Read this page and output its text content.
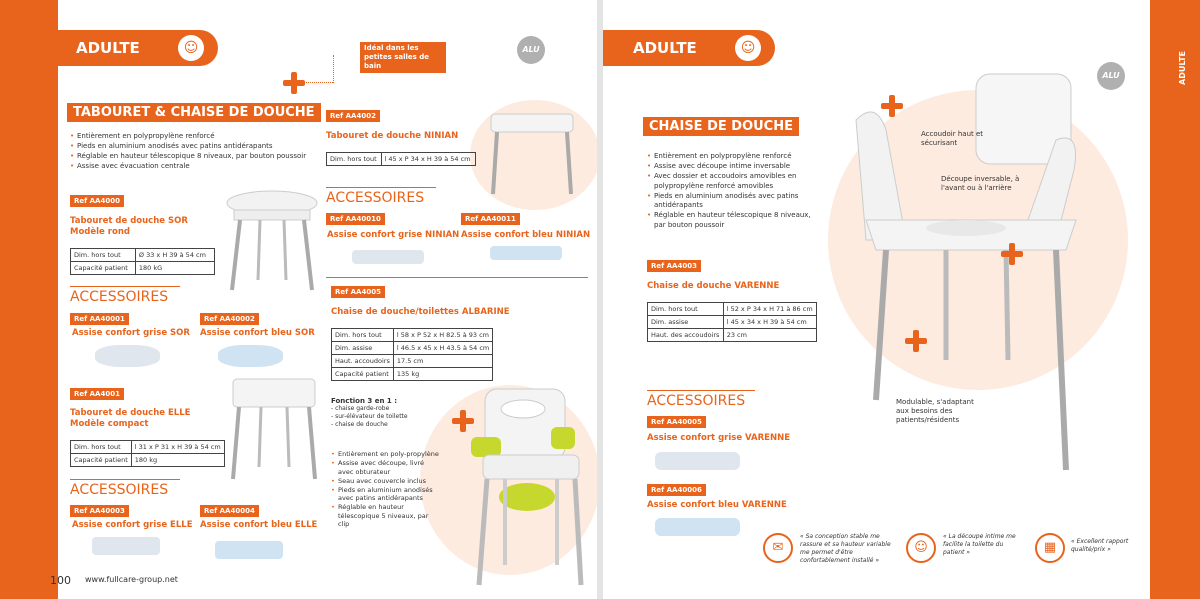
ADULTE	☺
TABOURET & CHAISE DE DOUCHE
• Entièrement en polypropylène renforcé
• Pieds en aluminium anodisés avec patins antidérapants
• Réglable en hauteur télescopique 8 niveaux, par bouton poussoir
• Assise avec évacuation centrale
Idéal dans les petites salles de bain
ALU
Ref AA4000
Tabouret de douche SOR
Modèle rond
Dim. hors tout	Ø 33 x H 39 à 54 cm
Capacité patient	180 kG
ACCESSOIRES
Ref AA40001	Ref AA40002
Assise confort grise SOR Assise confort bleu SOR
Ref AA4001
Tabouret de douche ELLE
Modèle compact
Dim. hors tout	l 31 x P 31 x H 39 à 54 cm
Capacité patient	180 kg
ACCESSOIRES
Ref AA40003	Ref AA40004
Assise confort grise ELLE Assise confort bleu ELLE
Ref AA4002
Tabouret de douche NINIAN
Dim. hors tout	l 45 x P 34 x H 39 à 54 cm
ACCESSOIRES
Ref AA40010	Ref AA40011
Assise confort grise NINIAN Assise confort bleu NINIAN
Ref AA4005
Chaise de douche/toilettes ALBARINE
Dim. hors tout	l 58 x P 52 x H 82.5 à 93 cm
Dim. assise	l 46.5 x 45 x H 43.5 à 54 cm
Haut. accoudoirs	17.5 cm
Capacité patient	135 kg
Fonction 3 en 1 :
- chaise garde-robe
- sur-élévateur de toilette
- chaise de douche
• Entièrement en poly-propylène
• Assise avec découpe, livré avec obturateur
• Seau avec couvercle inclus
• Pieds en aluminium anodisés avec patins antidérapants
• Réglable en hauteur télescopique 5 niveaux, par clip
100 www.fullcare-group.net
ADULTE
ADULTE	☺
CHAISE DE DOUCHE
• Entièrement en polypropylène renforcé
• Assise avec découpe intime inversable
• Avec dossier et accoudoirs amovibles en polypropylène renforcé amovibles
• Pieds en aluminium anodisés avec patins antidérapants
• Réglable en hauteur télescopique 8 niveaux, par bouton poussoir
Ref AA4003
Chaise de douche VARENNE
Dim. hors tout	l 52 x P 34 x H 71 à 86 cm
Dim. assise	l 45 x 34 x H 39 à 54 cm
Haut. des accoudoirs	23 cm
ACCESSOIRES
Ref AA40005
Assise confort grise VARENNE
Ref AA40006
Assise confort bleu VARENNE
ALU
Accoudoir haut et sécurisant
Découpe inversable, à l'avant ou à l'arrière
Modulable, s'adaptant aux besoins des patients/résidents
✉
« Sa conception stable me rassure et sa hauteur variable me permet d'être confortablement installé »
☺
« La découpe intime me facilite la toilette du patient »	▦	« Excellent rapport qualité/prix »
